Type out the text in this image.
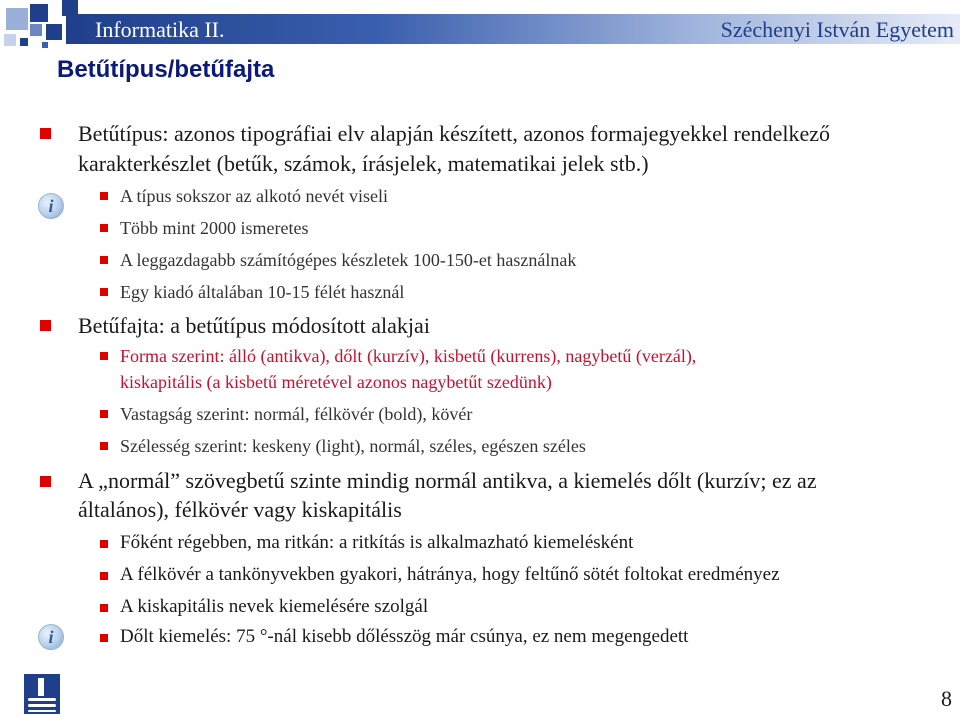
Informatika II.	Széchenyi István Egyetem
Betűtípus/betűfajta
Betűtípus: azonos tipográfiai elv alapján készített, azonos formajegyekkel rendelkező
karakterkészlet (betűk, számok, írásjelek, matematikai jelek stb.)
i	A típus sokszor az alkotó nevét viseli
Több mint 2000 ismeretes
A leggazdagabb számítógépes készletek 100-150-et használnak
Egy kiadó általában 10-15 félét használ
Betűfajta: a betűtípus módosított alakjai
Forma szerint: álló (antikva), dőlt (kurzív), kisbetű (kurrens), nagybetű (verzál),
kiskapitális (a kisbetű méretével azonos nagybetűt szedünk)
Vastagság szerint: normál, félkövér (bold), kövér
Szélesség szerint: keskeny (light), normál, széles, egészen széles
A „normál” szövegbetű szinte mindig normál antikva, a kiemelés dőlt (kurzív; ez az
általános), félkövér vagy kiskapitális
Főként régebben, ma ritkán: a ritkítás is alkalmazható kiemelésként
A félkövér a tankönyvekben gyakori, hátránya, hogy feltűnő sötét foltokat eredményez
A kiskapitális nevek kiemelésére szolgál
i	Dőlt kiemelés: 75 °-nál kisebb dőlésszög már csúnya, ez nem megengedett
8
